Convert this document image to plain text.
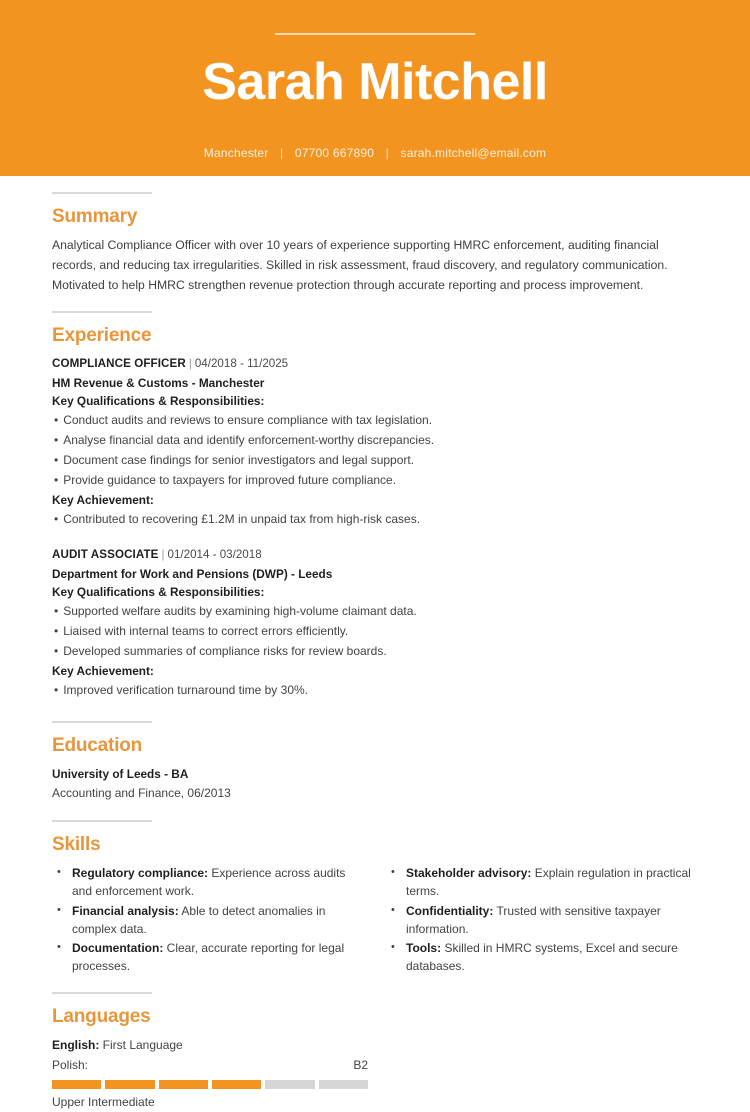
Sarah Mitchell
Manchester | 07700 667890 | sarah.mitchell@email.com
Summary
Analytical Compliance Officer with over 10 years of experience supporting HMRC enforcement, auditing financial records, and reducing tax irregularities. Skilled in risk assessment, fraud discovery, and regulatory communication. Motivated to help HMRC strengthen revenue protection through accurate reporting and process improvement.
Experience
COMPLIANCE OFFICER | 04/2018 - 11/2025
HM Revenue & Customs - Manchester
Key Qualifications & Responsibilities:
• Conduct audits and reviews to ensure compliance with tax legislation.
• Analyse financial data and identify enforcement-worthy discrepancies.
• Document case findings for senior investigators and legal support.
• Provide guidance to taxpayers for improved future compliance.
Key Achievement:
• Contributed to recovering £1.2M in unpaid tax from high-risk cases.
AUDIT ASSOCIATE | 01/2014 - 03/2018
Department for Work and Pensions (DWP) - Leeds
Key Qualifications & Responsibilities:
• Supported welfare audits by examining high-volume claimant data.
• Liaised with internal teams to correct errors efficiently.
• Developed summaries of compliance risks for review boards.
Key Achievement:
• Improved verification turnaround time by 30%.
Education
University of Leeds - BA
Accounting and Finance, 06/2013
Skills
• Regulatory compliance: Experience across audits and enforcement work.
• Financial analysis: Able to detect anomalies in complex data.
• Documentation: Clear, accurate reporting for legal processes.
• Stakeholder advisory: Explain regulation in practical terms.
• Confidentiality: Trusted with sensitive taxpayer information.
• Tools: Skilled in HMRC systems, Excel and secure databases.
Languages
English: First Language
Polish:	B2
Upper Intermediate
